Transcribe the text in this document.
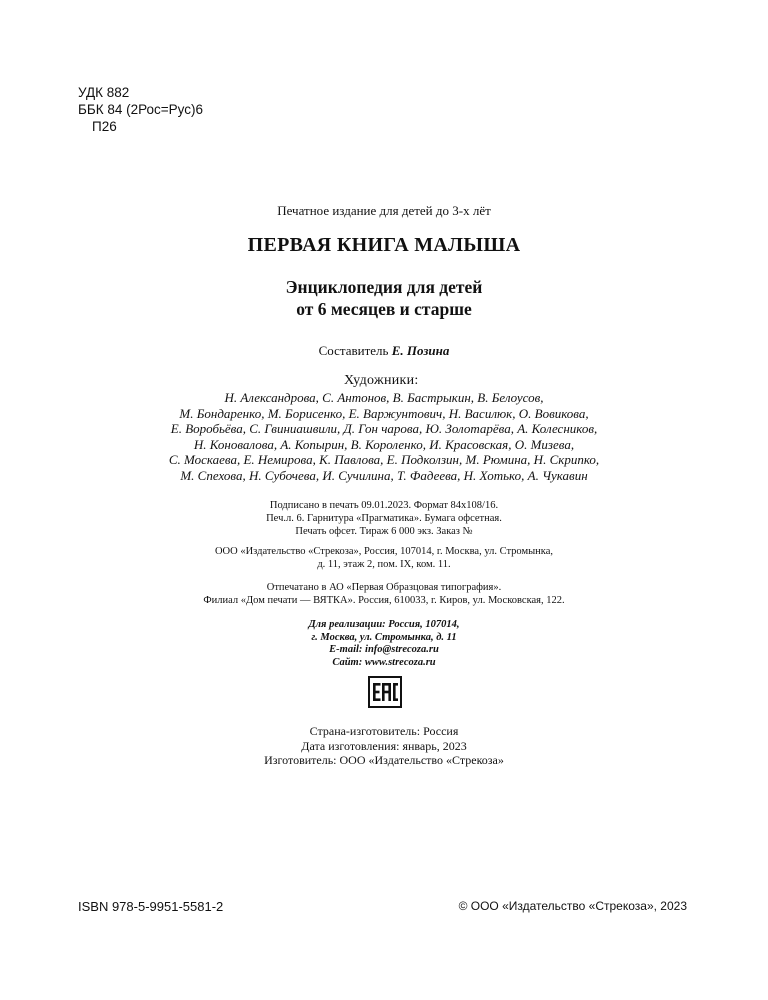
УДК 882
ББК 84 (2Рос=Рус)6
П26
Печатное издание для детей до 3-х лёт
ПЕРВАЯ КНИГА МАЛЫША
Энциклопедия для детей
от 6 месяцев и старше
Составитель Е. Позина
Художники:
Н. Александрова, С. Антонов, В. Бастрыкин, В. Белоусов,
М. Бондаренко, М. Борисенко, Е. Варжунтович, Н. Василюк, О. Вовикова,
Е. Воробьёва, С. Гвиниашвили, Д. Гон чарова, Ю. Золотарёва, А. Колесников,
Н. Коновалова, А. Копырин, В. Короленко, И. Красовская, О. Мизева,
С. Москаева, Е. Немирова, К. Павлова, Е. Подколзин, М. Рюмина, Н. Скрипко,
М. Спехова, Н. Субочева, И. Сучилина, Т. Фадеева, Н. Хотько, А. Чукавин
Подписано в печать 09.01.2023. Формат 84х108/16.
Печ.л. 6. Гарнитура «Прагматика». Бумага офсетная.
Печать офсет. Тираж 6 000 экз. Заказ №
ООО «Издательство «Стрекоза», Россия, 107014, г. Москва, ул. Стромынка,
д. 11, этаж 2, пом. IX, ком. 11.
Отпечатано в АО «Первая Образцовая типография».
Филиал «Дом печати — ВЯТКА». Россия, 610033, г. Киров, ул. Московская, 122.
Для реализации: Россия, 107014,
г. Москва, ул. Стромынка, д. 11
E-mail: info@strecoza.ru
Сайт: www.strecoza.ru
Страна-изготовитель: Россия
Дата изготовления: январь, 2023
Изготовитель: ООО «Издательство «Стрекоза»
ISBN 978-5-9951-5581-2	© ООО «Издательство «Стрекоза», 2023
